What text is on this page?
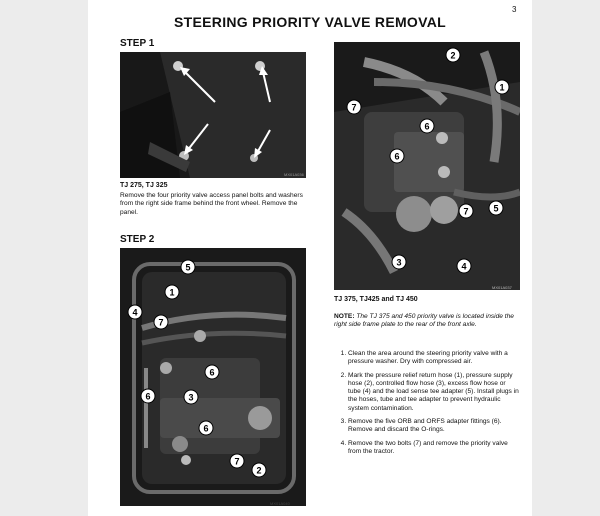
3
STEERING PRIORITY VALVE REMOVAL
STEP 1
MX01A036
TJ 275, TJ 325
Remove the four priority valve access panel bolts and washers from the right side frame behind the front wheel. Remove the panel.
STEP 2
MX01A040
5
1
7
4
6
3
6
6
7
2
MX01A037
2
1
7
6
6
7	5
3	4
TJ 375, TJ425 and TJ 450
NOTE: The TJ 375 and 450 priority valve is located inside the right side frame plate to the rear of the front axle.
1. Clean the area around the steering priority valve with a pressure washer. Dry with compressed air.
2. Mark the pressure relief return hose (1), pressure supply hose (2), controlled flow hose (3), excess flow hose or tube (4) and the load sense tee adapter (5). Install plugs in the hoses, tube and tee adapter to prevent hydraulic system contamination.
3. Remove the five ORB and ORFS adapter fittings (6). Remove and discard the O-rings.
4. Remove the two bolts (7) and remove the priority valve from the tractor.
